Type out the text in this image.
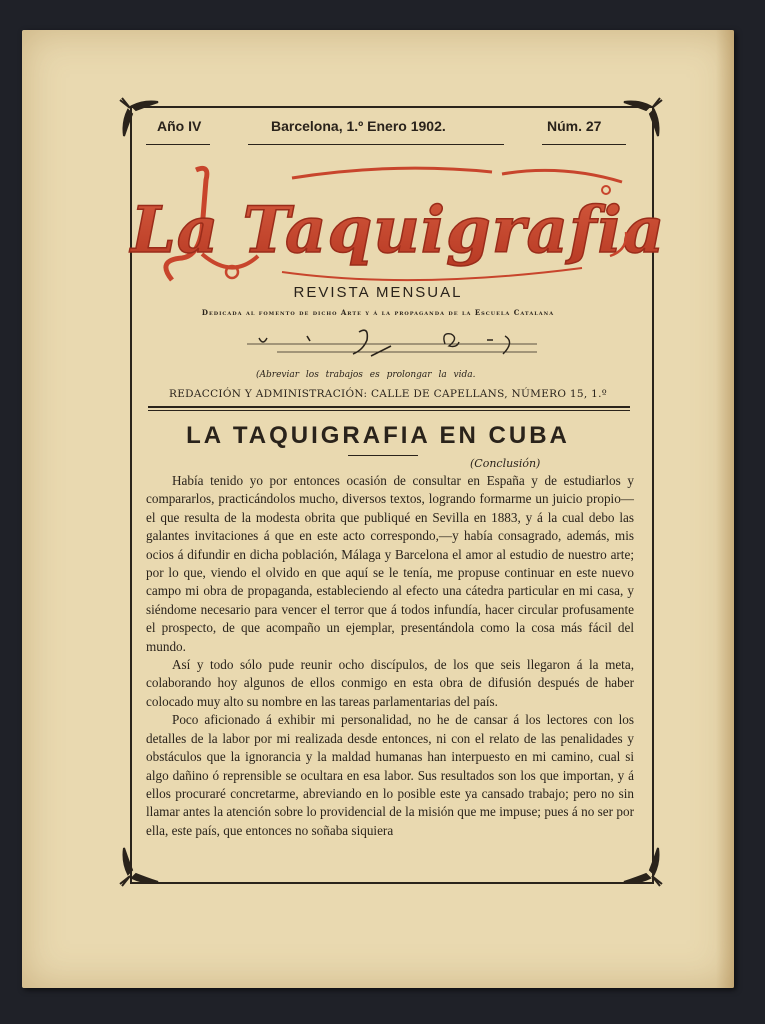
Año IV	Barcelona, 1.º Enero 1902.	Núm. 27
La Taquigrafia
REVISTA MENSUAL
Dedicada al fomento de dicho Arte y á la propaganda de la Escuela Catalana
(Abreviar los trabajos es prolongar la vida.
REDACCIÓN Y ADMINISTRACIÓN: CALLE DE CAPELLANS, NÚMERO 15, 1.º
LA TAQUIGRAFIA EN CUBA
(Conclusión)

Había tenido yo por entonces ocasión de consultar en España y de estudiarlos y compararlos, practicándolos mucho, diversos textos, logrando formarme un juicio propio—el que resulta de la modesta obrita que publiqué en Sevilla en 1883, y á la cual debo las galantes invitaciones á que en este acto correspondo,—y había consagrado, además, mis ocios á difundir en dicha población, Málaga y Barcelona el amor al estudio de nuestro arte; por lo que, viendo el olvido en que aquí se le tenía, me propuse continuar en este nuevo campo mi obra de propaganda, estableciendo al efecto una cátedra particular en mi casa, y siéndome necesario para vencer el terror que á todos infundía, hacer circular profusamente el prospecto, de que acompaño un ejemplar, presentándola como la cosa más fácil del mundo.

Así y todo sólo pude reunir ocho discípulos, de los que seis llegaron á la meta, colaborando hoy algunos de ellos conmigo en esta obra de difusión después de haber colocado muy alto su nombre en las tareas parlamentarias del país.

Poco aficionado á exhibir mi personalidad, no he de cansar á los lectores con los detalles de la labor por mi realizada desde entonces, ni con el relato de las penalidades y obstáculos que la ignorancia y la maldad humanas han interpuesto en mi camino, cual si algo dañino ó reprensible se ocultara en esa labor. Sus resultados son los que importan, y á ellos procuraré concretarme, abreviando en lo posible este ya cansado trabajo; pero no sin llamar antes la atención sobre lo providencial de la misión que me impuse; pues á no ser por ella, este país, que entonces no soñaba siquiera
